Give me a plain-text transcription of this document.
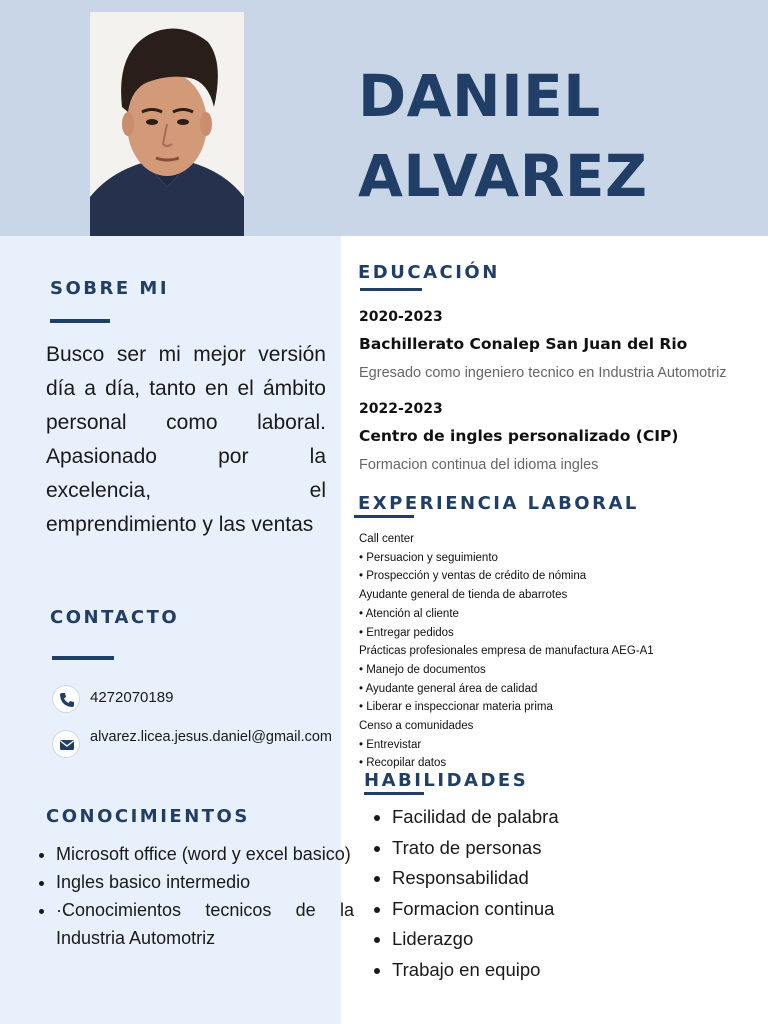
DANIEL
ALVAREZ
SOBRE MI
Busco ser mi mejor versión día a día, tanto en el ámbito personal como laboral. Apasionado por la excelencia, el emprendimiento y las ventas
CONTACTO
4272070189
alvarez.licea.jesus.daniel@gmail.com
CONOCIMIENTOS
• Microsoft office (word y excel basico)
• Ingles basico intermedio
• ·Conocimientos tecnicos de la Industria Automotriz
EDUCACIÓN
2020-2023
Bachillerato Conalep San Juan del Rio
Egresado como ingeniero tecnico en Industria Automotriz
2022-2023
Centro de ingles personalizado (CIP)
Formacion continua del idioma ingles
EXPERIENCIA LABORAL
Call center
• Persuacion y seguimiento
• Prospección y ventas de crédito de nómina
Ayudante general de tienda de abarrotes
• Atención al cliente
• Entregar pedidos
Prácticas profesionales empresa de manufactura AEG-A1
• Manejo de documentos
• Ayudante general área de calidad
• Liberar e inspeccionar materia prima
Censo a comunidades
• Entrevistar
• Recopilar datos
HABILIDADES
• Facilidad de palabra
• Trato de personas
• Responsabilidad
• Formacion continua
• Liderazgo
• Trabajo en equipo
